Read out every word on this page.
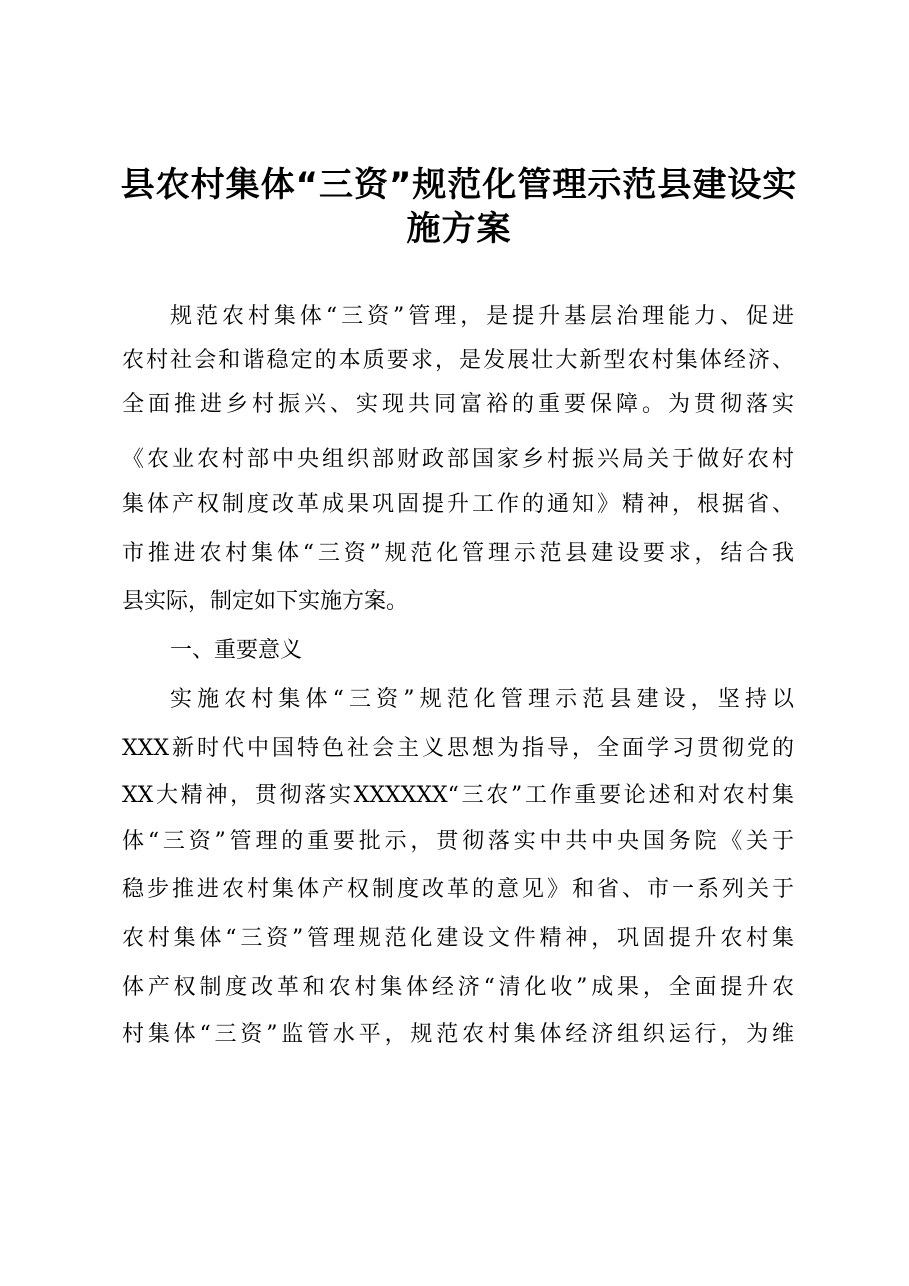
县农村集体“三资”规范化管理示范县建设实
施方案
规范农村集体“三资”管理，是提升基层治理能力、促进
农村社会和谐稳定的本质要求，是发展壮大新型农村集体经济、
全面推进乡村振兴、实现共同富裕的重要保障。为贯彻落实
《农业农村部中央组织部财政部国家乡村振兴局关于做好农村
集体产权制度改革成果巩固提升工作的通知》精神，根据省、
市推进农村集体“三资”规范化管理示范县建设要求，结合我
县实际，制定如下实施方案。
一、重要意义
实施农村集体“三资”规范化管理示范县建设，坚持以
XXX新时代中国特色社会主义思想为指导，全面学习贯彻党的
XX大精神，贯彻落实XXXXXX“三农”工作重要论述和对农村集
体“三资”管理的重要批示，贯彻落实中共中央国务院《关于
稳步推进农村集体产权制度改革的意见》和省、市一系列关于
农村集体“三资”管理规范化建设文件精神，巩固提升农村集
体产权制度改革和农村集体经济“清化收”成果，全面提升农
村集体“三资”监管水平，规范农村集体经济组织运行，为维
